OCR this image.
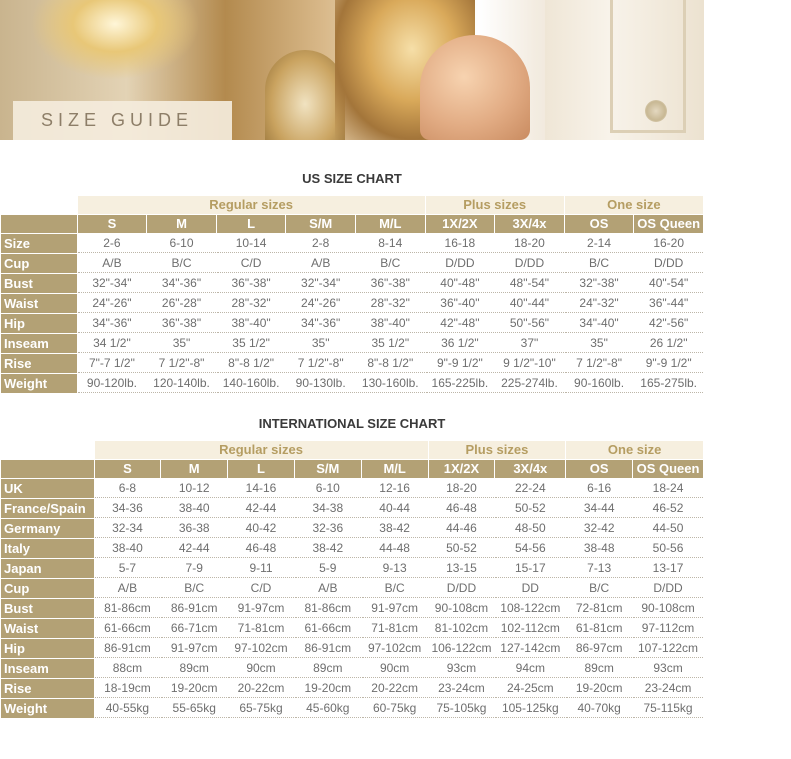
SIZE GUIDE
US SIZE CHART
	Regular sizes					Plus sizes		One size	
	S	M	L	S/M	M/L	1X/2X	3X/4x	OS	OS Queen
Size	2-6	6-10	10-14	2-8	8-14	16-18	18-20	2-14	16-20
Cup	A/B	B/C	C/D	A/B	B/C	D/DD	D/DD	B/C	D/DD
Bust	32"-34"	34"-36"	36"-38"	32"-34"	36"-38"	40"-48"	48"-54"	32"-38"	40"-54"
Waist	24"-26"	26"-28"	28"-32"	24"-26"	28"-32"	36"-40"	40"-44"	24"-32"	36"-44"
Hip	34"-36"	36"-38"	38"-40"	34"-36"	38"-40"	42"-48"	50"-56"	34"-40"	42"-56"
Inseam	34 1/2"	35"	35 1/2"	35"	35 1/2"	36 1/2"	37"	35"	26 1/2"
Rise	7"-7 1/2"	7 1/2"-8"	8"-8 1/2"	7 1/2"-8"	8"-8 1/2"	9"-9 1/2"	9 1/2"-10"	7 1/2"-8"	9"-9 1/2"
Weight	90-120lb.	120-140lb.	140-160lb.	90-130lb.	130-160lb.	165-225lb.	225-274lb.	90-160lb.	165-275lb.
INTERNATIONAL SIZE CHART
	Regular sizes					Plus sizes		One size	
	S	M	L	S/M	M/L	1X/2X	3X/4x	OS	OS Queen
UK	6-8	10-12	14-16	6-10	12-16	18-20	22-24	6-16	18-24
France/Spain	34-36	38-40	42-44	34-38	40-44	46-48	50-52	34-44	46-52
Germany	32-34	36-38	40-42	32-36	38-42	44-46	48-50	32-42	44-50
Italy	38-40	42-44	46-48	38-42	44-48	50-52	54-56	38-48	50-56
Japan	5-7	7-9	9-11	5-9	9-13	13-15	15-17	7-13	13-17
Cup	A/B	B/C	C/D	A/B	B/C	D/DD	DD	B/C	D/DD
Bust	81-86cm	86-91cm	91-97cm	81-86cm	91-97cm	90-108cm	108-122cm	72-81cm	90-108cm
Waist	61-66cm	66-71cm	71-81cm	61-66cm	71-81cm	81-102cm	102-112cm	61-81cm	97-112cm
Hip	86-91cm	91-97cm	97-102cm	86-91cm	97-102cm	106-122cm	127-142cm	86-97cm	107-122cm
Inseam	88cm	89cm	90cm	89cm	90cm	93cm	94cm	89cm	93cm
Rise	18-19cm	19-20cm	20-22cm	19-20cm	20-22cm	23-24cm	24-25cm	19-20cm	23-24cm
Weight	40-55kg	55-65kg	65-75kg	45-60kg	60-75kg	75-105kg	105-125kg	40-70kg	75-115kg
